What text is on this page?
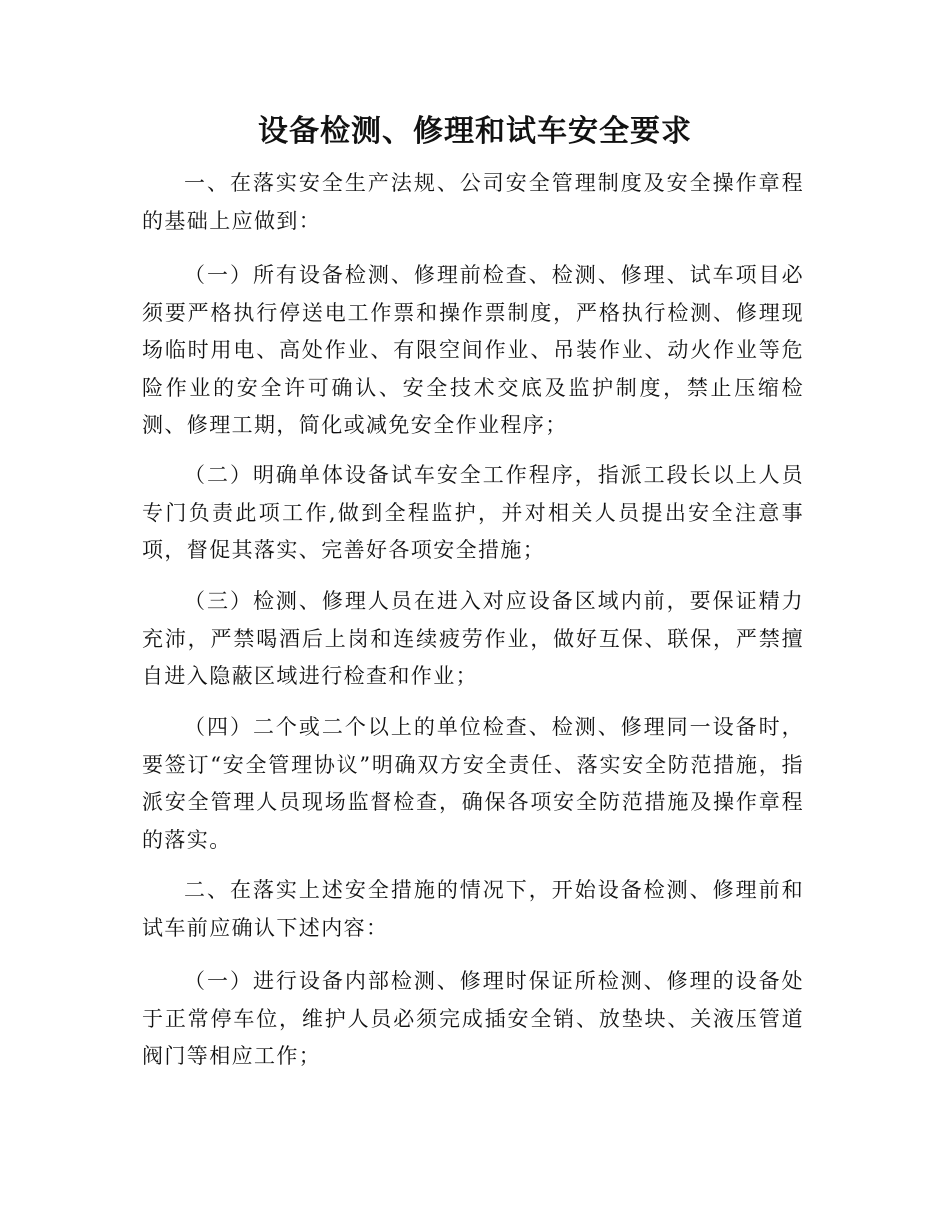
设备检测、修理和试车安全要求

一、在落实安全生产法规、公司安全管理制度及安全操作章程的基础上应做到：

（一）所有设备检测、修理前检查、检测、修理、试车项目必须要严格执行停送电工作票和操作票制度，严格执行检测、修理现场临时用电、高处作业、有限空间作业、吊装作业、动火作业等危险作业的安全许可确认、安全技术交底及监护制度，禁止压缩检测、修理工期，简化或减免安全作业程序；

（二）明确单体设备试车安全工作程序，指派工段长以上人员专门负责此项工作,做到全程监护，并对相关人员提出安全注意事项，督促其落实、完善好各项安全措施；

（三）检测、修理人员在进入对应设备区域内前，要保证精力充沛，严禁喝酒后上岗和连续疲劳作业，做好互保、联保，严禁擅自进入隐蔽区域进行检查和作业；

（四）二个或二个以上的单位检查、检测、修理同一设备时，要签订“安全管理协议”明确双方安全责任、落实安全防范措施，指派安全管理人员现场监督检查，确保各项安全防范措施及操作章程的落实。

二、在落实上述安全措施的情况下，开始设备检测、修理前和试车前应确认下述内容：

（一）进行设备内部检测、修理时保证所检测、修理的设备处于正常停车位，维护人员必须完成插安全销、放垫块、关液压管道阀门等相应工作；
